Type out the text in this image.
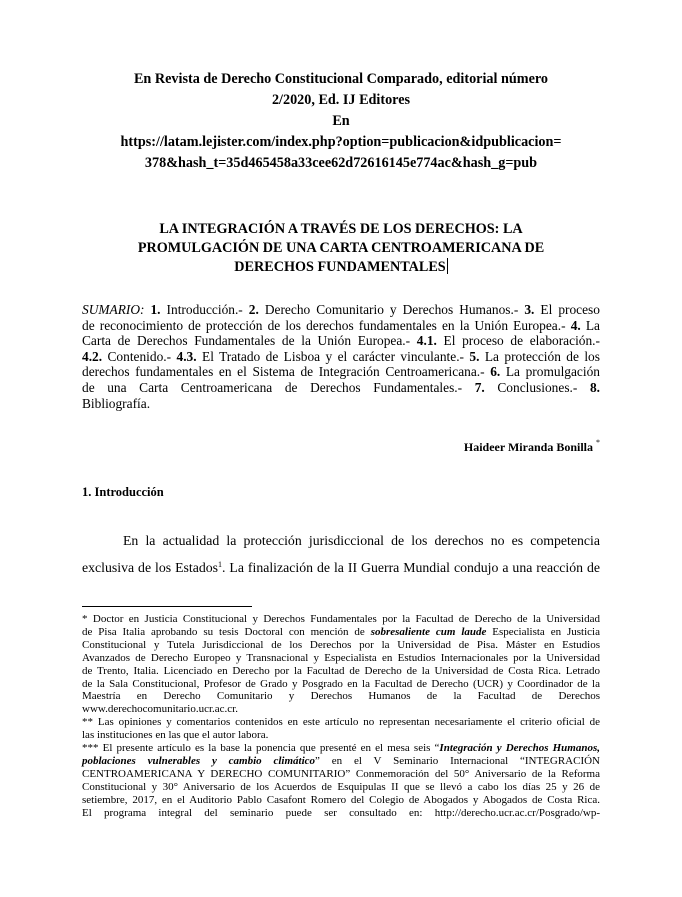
En Revista de Derecho Constitucional Comparado, editorial número
2/2020, Ed. IJ Editores
En
https://latam.lejister.com/index.php?option=publicacion&idpublicacion=
378&hash_t=35d465458a33cee62d72616145e774ac&hash_g=pub
LA INTEGRACIÓN A TRAVÉS DE LOS DERECHOS: LA
PROMULGACIÓN DE UNA CARTA CENTROAMERICANA DE
DERECHOS FUNDAMENTALES
SUMARIO: 1. Introducción.- 2. Derecho Comunitario y Derechos Humanos.- 3. El proceso
de reconocimiento de protección de los derechos fundamentales en la Unión Europea.- 4. La
Carta de Derechos Fundamentales de la Unión Europea.- 4.1. El proceso de elaboración.-
4.2. Contenido.- 4.3. El Tratado de Lisboa y el carácter vinculante.- 5. La protección de los
derechos fundamentales en el Sistema de Integración Centroamericana.- 6. La promulgación
de una Carta Centroamericana de Derechos Fundamentales.- 7. Conclusiones.- 8.
Bibliografía.
Haideer Miranda Bonilla *
1. Introducción
En la actualidad la protección jurisdiccional de los derechos no es competencia
exclusiva de los Estados$^1$. La finalización de la II Guerra Mundial condujo a una reacción de
* Doctor en Justicia Constitucional y Derechos Fundamentales por la Facultad de Derecho de la Universidad
de Pisa Italia aprobando su tesis Doctoral con mención de sobresaliente cum laude Especialista en Justicia
Constitucional y Tutela Jurisdiccional de los Derechos por la Universidad de Pisa. Máster en Estudios
Avanzados de Derecho Europeo y Transnacional y Especialista en Estudios Internacionales por la Universidad
de Trento, Italia. Licenciado en Derecho por la Facultad de Derecho de la Universidad de Costa Rica. Letrado
de la Sala Constitucional, Profesor de Grado y Posgrado en la Facultad de Derecho (UCR) y Coordinador de la
Maestría en Derecho Comunitario y Derechos Humanos de la Facultad de Derechos
www.derechocomunitario.ucr.ac.cr.
** Las opiniones y comentarios contenidos en este artículo no representan necesariamente el criterio oficial de
las instituciones en las que el autor labora.
*** El presente artículo es la base la ponencia que presenté en el mesa seis “Integración y Derechos Humanos,
poblaciones vulnerables y cambio climático” en el V Seminario Internacional “INTEGRACIÓN
CENTROAMERICANA Y DERECHO COMUNITARIO” Conmemoración del 50° Aniversario de la Reforma
Constitucional y 30° Aniversario de los Acuerdos de Esquipulas II que se llevó a cabo los días 25 y 26 de
setiembre, 2017, en el Auditorio Pablo Casafont Romero del Colegio de Abogados y Abogados de Costa Rica.
El programa integral del seminario puede ser consultado en: http://derecho.ucr.ac.cr/Posgrado/wp-
